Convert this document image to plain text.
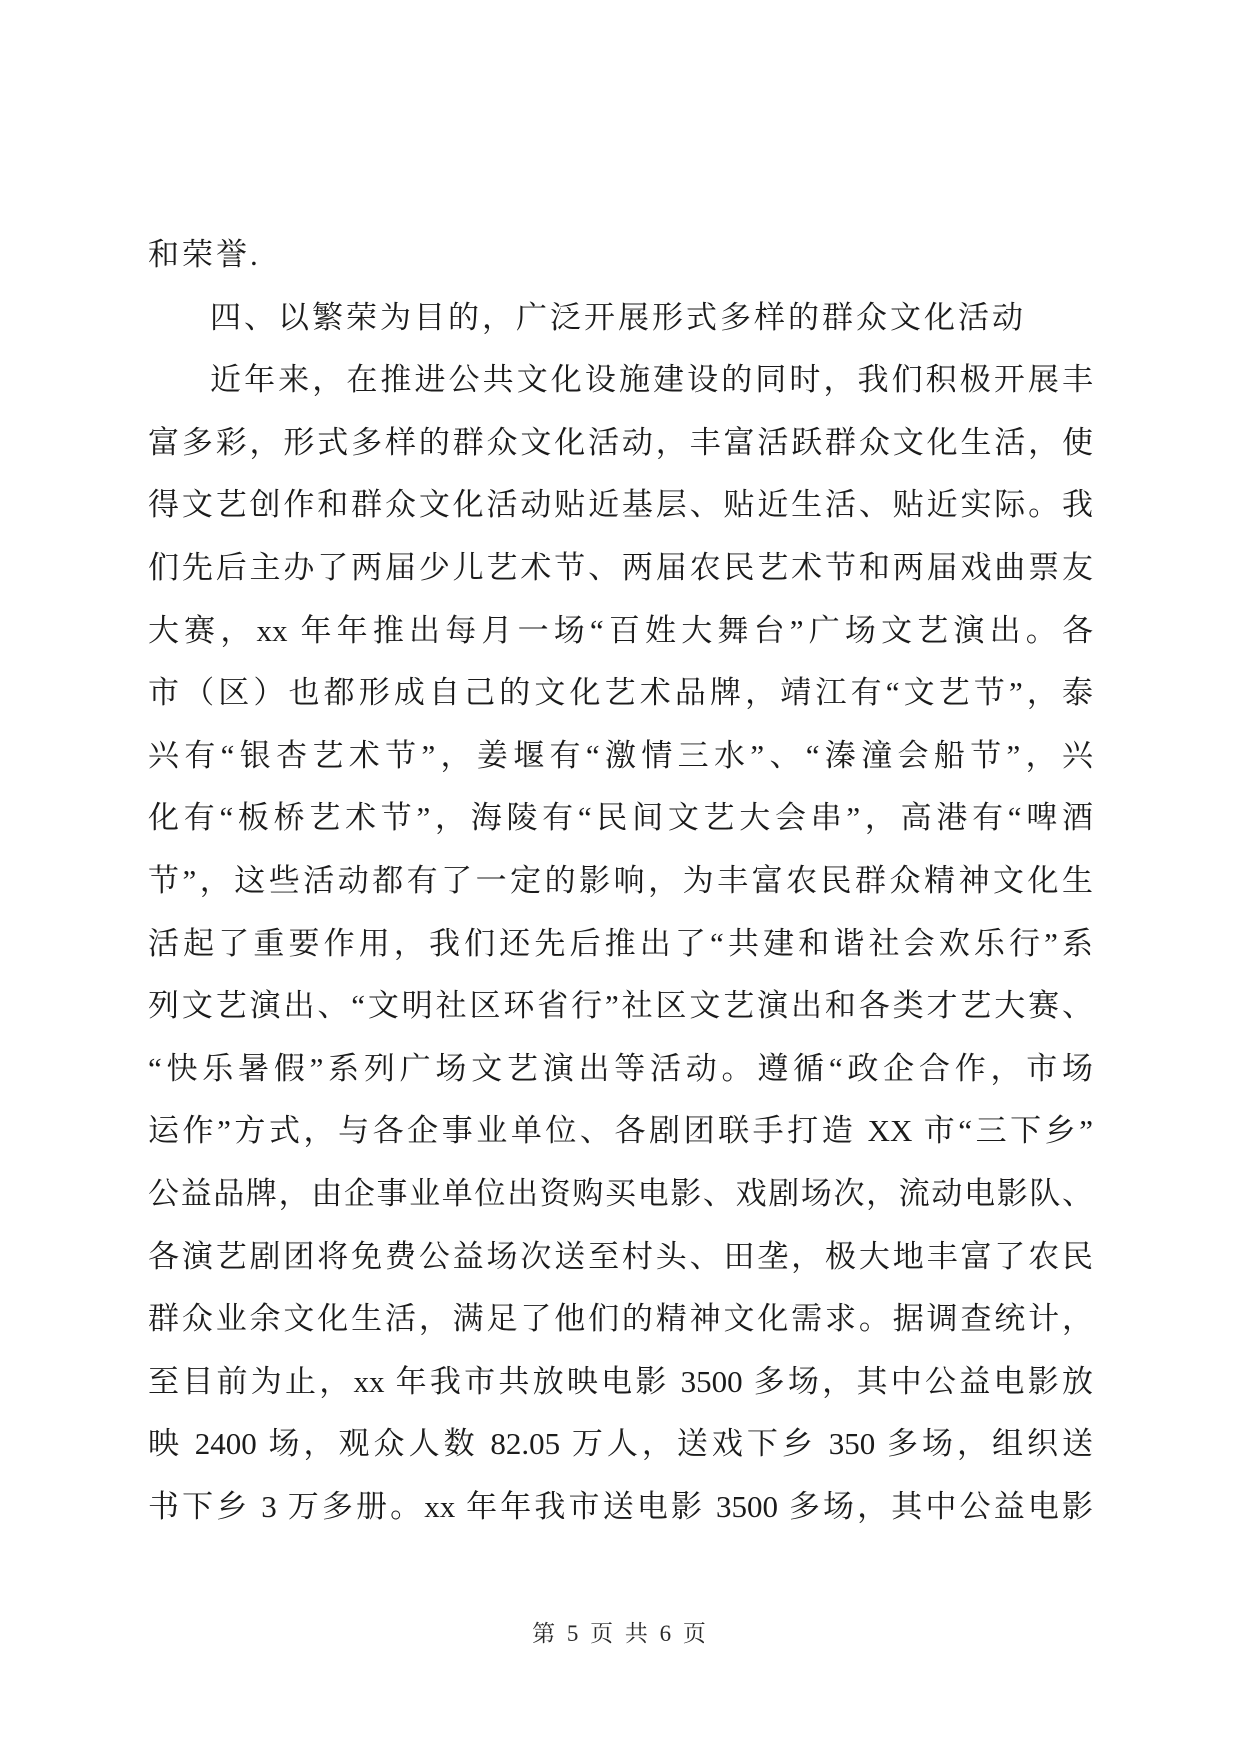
和荣誉.
四、以繁荣为目的，广泛开展形式多样的群众文化活动
近年来，在推进公共文化设施建设的同时，我们积极开展丰
富多彩，形式多样的群众文化活动，丰富活跃群众文化生活，使
得文艺创作和群众文化活动贴近基层、贴近生活、贴近实际。我
们先后主办了两届少儿艺术节、两届农民艺术节和两届戏曲票友
大赛，xx 年年推出每月一场“百姓大舞台”广场文艺演出。各
市（区）也都形成自己的文化艺术品牌，靖江有“文艺节”，泰
兴有“银杏艺术节”，姜堰有“激情三水”、“溱潼会船节”，兴
化有“板桥艺术节”，海陵有“民间文艺大会串”，高港有“啤酒
节”，这些活动都有了一定的影响，为丰富农民群众精神文化生
活起了重要作用，我们还先后推出了“共建和谐社会欢乐行”系
列文艺演出、“文明社区环省行”社区文艺演出和各类才艺大赛、
“快乐暑假”系列广场文艺演出等活动。遵循“政企合作，市场
运作”方式，与各企事业单位、各剧团联手打造 XX 市“三下乡”
公益品牌，由企事业单位出资购买电影、戏剧场次，流动电影队、
各演艺剧团将免费公益场次送至村头、田垄，极大地丰富了农民
群众业余文化生活，满足了他们的精神文化需求。据调查统计，
至目前为止，xx 年我市共放映电影 3500 多场，其中公益电影放
映 2400 场，观众人数 82.05 万人，送戏下乡 350 多场，组织送
书下乡 3 万多册。xx 年年我市送电影 3500 多场，其中公益电影
第 5 页 共 6 页
